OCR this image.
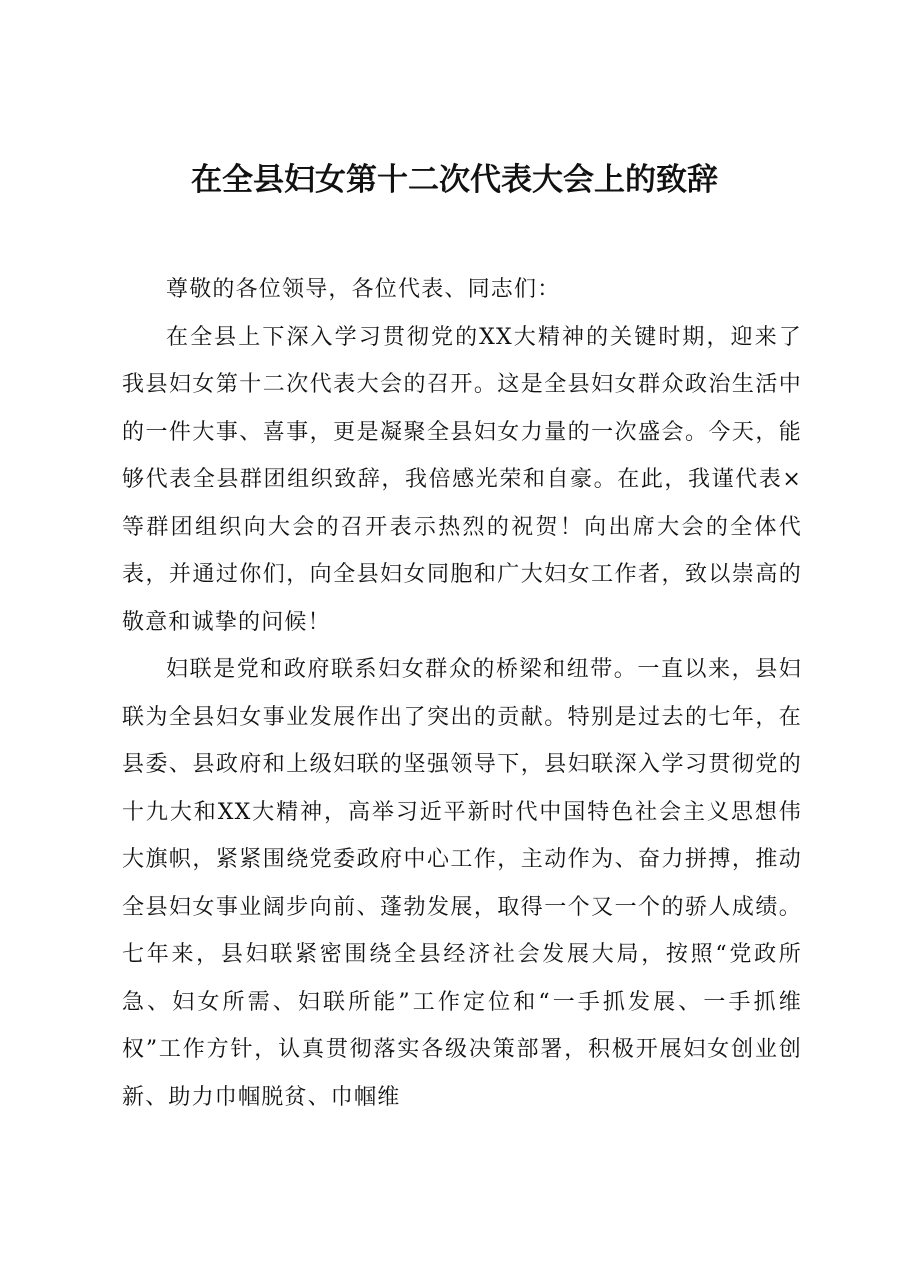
在全县妇女第十二次代表大会上的致辞

尊敬的各位领导，各位代表、同志们：

在全县上下深入学习贯彻党的XX大精神的关键时期，迎来了我县妇女第十二次代表大会的召开。这是全县妇女群众政治生活中的一件大事、喜事，更是凝聚全县妇女力量的一次盛会。今天，能够代表全县群团组织致辞，我倍感光荣和自豪。在此，我谨代表×等群团组织向大会的召开表示热烈的祝贺！向出席大会的全体代表，并通过你们，向全县妇女同胞和广大妇女工作者，致以崇高的敬意和诚挚的问候！

妇联是党和政府联系妇女群众的桥梁和纽带。一直以来，县妇联为全县妇女事业发展作出了突出的贡献。特别是过去的七年，在县委、县政府和上级妇联的坚强领导下，县妇联深入学习贯彻党的十九大和XX大精神，高举习近平新时代中国特色社会主义思想伟大旗帜，紧紧围绕党委政府中心工作，主动作为、奋力拼搏，推动全县妇女事业阔步向前、蓬勃发展，取得一个又一个的骄人成绩。七年来，县妇联紧密围绕全县经济社会发展大局，按照“党政所急、妇女所需、妇联所能”工作定位和“一手抓发展、一手抓维权”工作方针，认真贯彻落实各级决策部署，积极开展妇女创业创新、助力巾帼脱贫、巾帼维
